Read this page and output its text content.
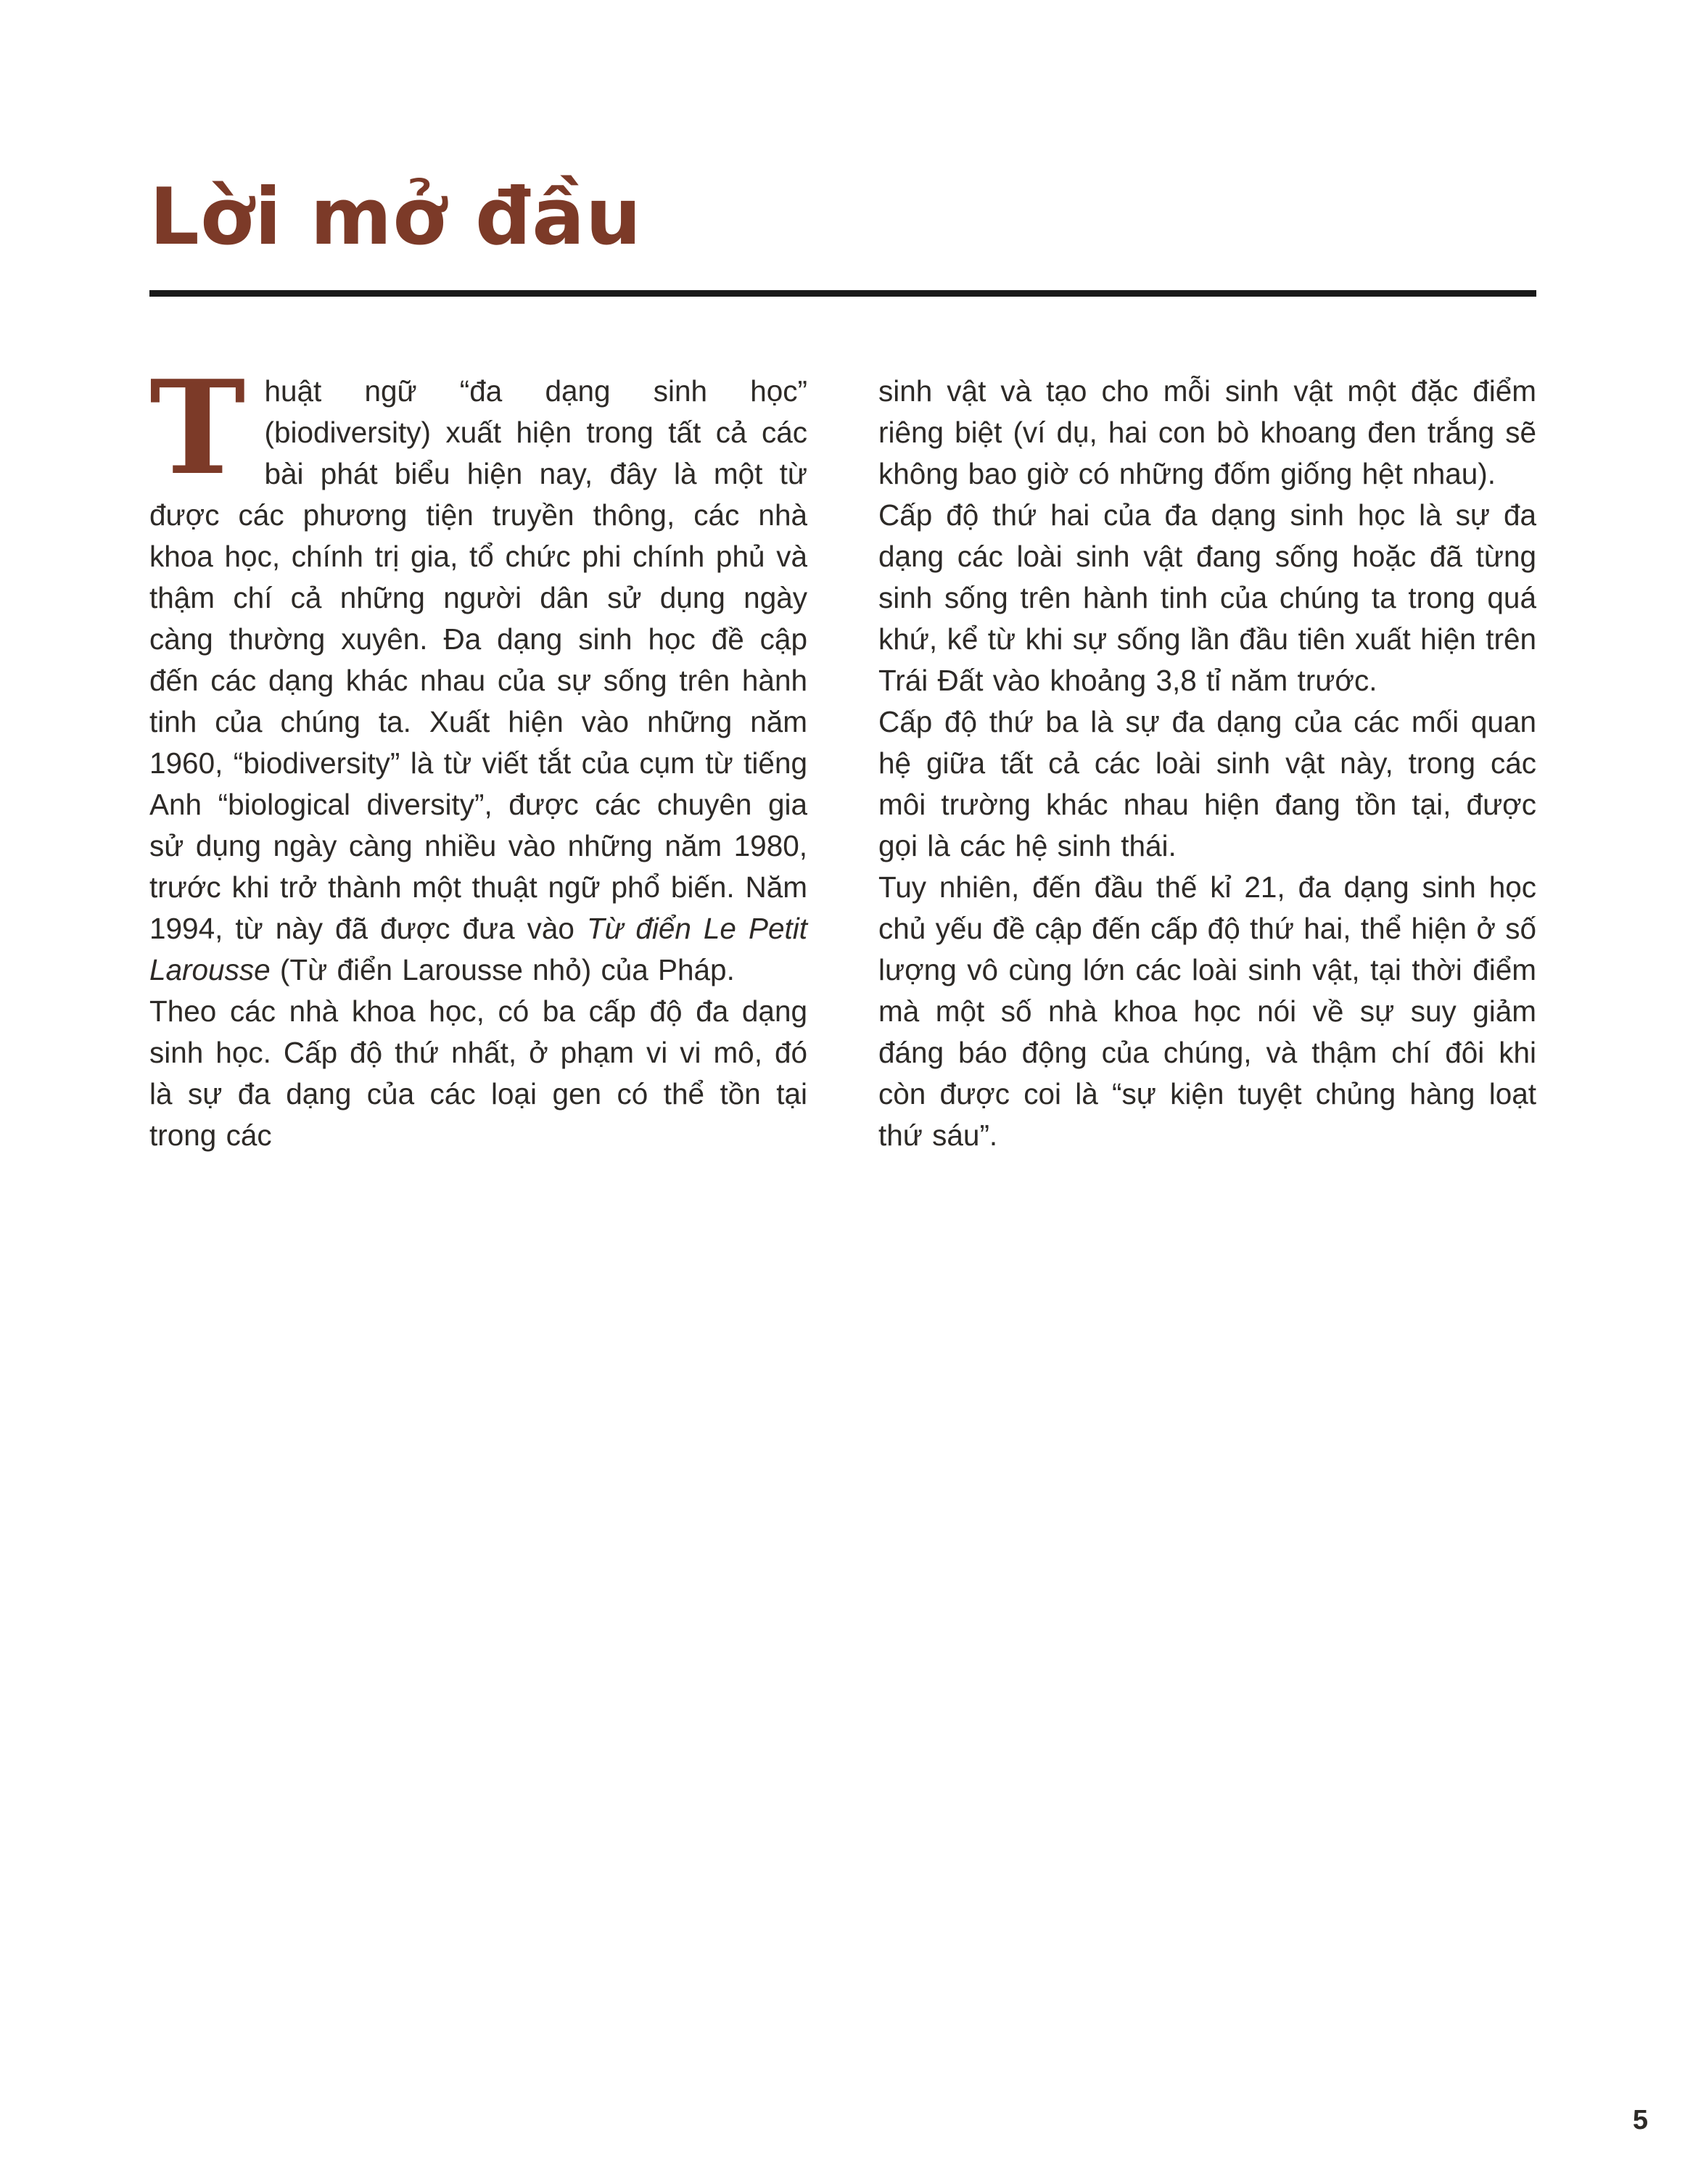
Lời mở đầu

Thuật ngữ “đa dạng sinh học” (biodiversity) xuất hiện trong tất cả các bài phát biểu hiện nay, đây là một từ được các phương tiện truyền thông, các nhà khoa học, chính trị gia, tổ chức phi chính phủ và thậm chí cả những người dân sử dụng ngày càng thường xuyên. Đa dạng sinh học đề cập đến các dạng khác nhau của sự sống trên hành tinh của chúng ta. Xuất hiện vào những năm 1960, “biodiversity” là từ viết tắt của cụm từ tiếng Anh “biological diversity”, được các chuyên gia sử dụng ngày càng nhiều vào những năm 1980, trước khi trở thành một thuật ngữ phổ biến. Năm 1994, từ này đã được đưa vào Từ điển Le Petit Larousse (Từ điển Larousse nhỏ) của Pháp.

Theo các nhà khoa học, có ba cấp độ đa dạng sinh học. Cấp độ thứ nhất, ở phạm vi vi mô, đó là sự đa dạng của các loại gen có thể tồn tại trong các

sinh vật và tạo cho mỗi sinh vật một đặc điểm riêng biệt (ví dụ, hai con bò khoang đen trắng sẽ không bao giờ có những đốm giống hệt nhau).

Cấp độ thứ hai của đa dạng sinh học là sự đa dạng các loài sinh vật đang sống hoặc đã từng sinh sống trên hành tinh của chúng ta trong quá khứ, kể từ khi sự sống lần đầu tiên xuất hiện trên Trái Đất vào khoảng 3,8 tỉ năm trước.

Cấp độ thứ ba là sự đa dạng của các mối quan hệ giữa tất cả các loài sinh vật này, trong các môi trường khác nhau hiện đang tồn tại, được gọi là các hệ sinh thái.

Tuy nhiên, đến đầu thế kỉ 21, đa dạng sinh học chủ yếu đề cập đến cấp độ thứ hai, thể hiện ở số lượng vô cùng lớn các loài sinh vật, tại thời điểm mà một số nhà khoa học nói về sự suy giảm đáng báo động của chúng, và thậm chí đôi khi còn được coi là “sự kiện tuyệt chủng hàng loạt thứ sáu”.

5
